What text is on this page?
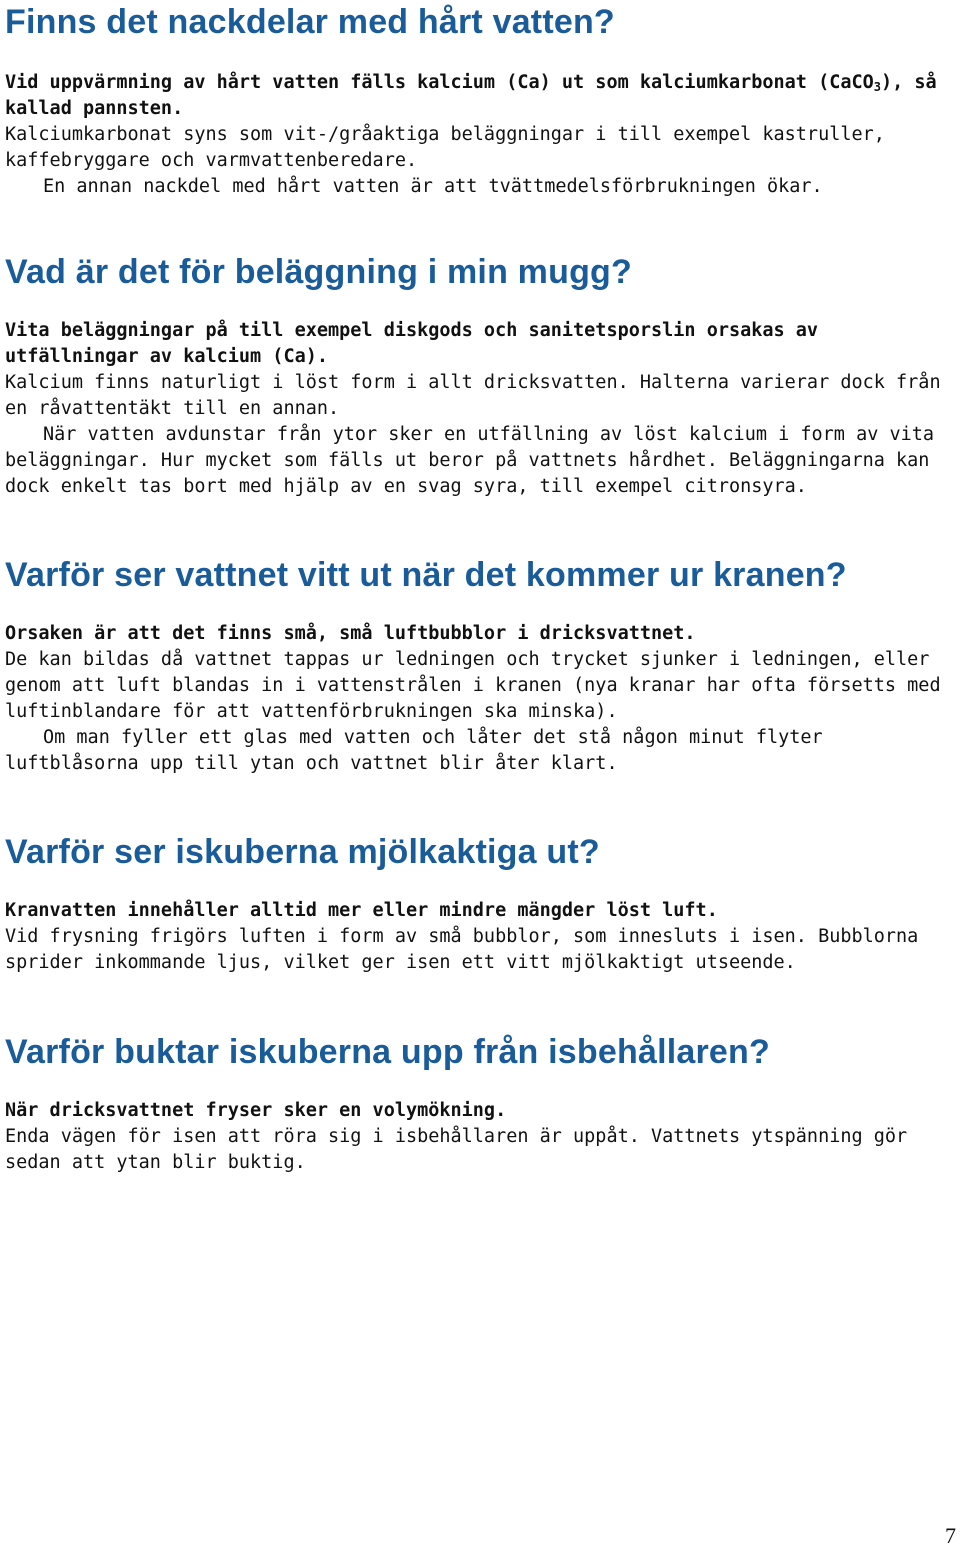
Finns det nackdelar med hårt vatten?

Vid uppvärmning av hårt vatten fälls kalcium (Ca) ut som kalciumkarbonat (CaCO$_3$), så kallad pannsten.

Kalciumkarbonat syns som vit-/gråaktiga beläggningar i till exempel kastruller, kaffebryggare och varmvattenberedare.

En annan nackdel med hårt vatten är att tvättmedelsförbrukningen ökar.

Vad är det för beläggning i min mugg?

Vita beläggningar på till exempel diskgods och sanitetsporslin orsakas av utfällningar av kalcium (Ca).

Kalcium finns naturligt i löst form i allt dricksvatten. Halterna varierar dock från en råvattentäkt till en annan.

När vatten avdunstar från ytor sker en utfällning av löst kalcium i form av vita beläggningar. Hur mycket som fälls ut beror på vattnets hårdhet. Beläggningarna kan dock enkelt tas bort med hjälp av en svag syra, till exempel citronsyra.

Varför ser vattnet vitt ut när det kommer ur kranen?

Orsaken är att det finns små, små luftbubblor i dricksvattnet.

De kan bildas då vattnet tappas ur ledningen och trycket sjunker i ledningen, eller genom att luft blandas in i vattenstrålen i kranen (nya kranar har ofta försetts med luftinblandare för att vattenförbrukningen ska minska).

Om man fyller ett glas med vatten och låter det stå någon minut flyter luftblåsorna upp till ytan och vattnet blir åter klart.

Varför ser iskuberna mjölkaktiga ut?

Kranvatten innehåller alltid mer eller mindre mängder löst luft.

Vid frysning frigörs luften i form av små bubblor, som innesluts i isen. Bubblorna sprider inkommande ljus, vilket ger isen ett vitt mjölkaktigt utseende.

Varför buktar iskuberna upp från isbehållaren?

När dricksvattnet fryser sker en volymökning.

Enda vägen för isen att röra sig i isbehållaren är uppåt. Vattnets ytspänning gör sedan att ytan blir buktig.

7
